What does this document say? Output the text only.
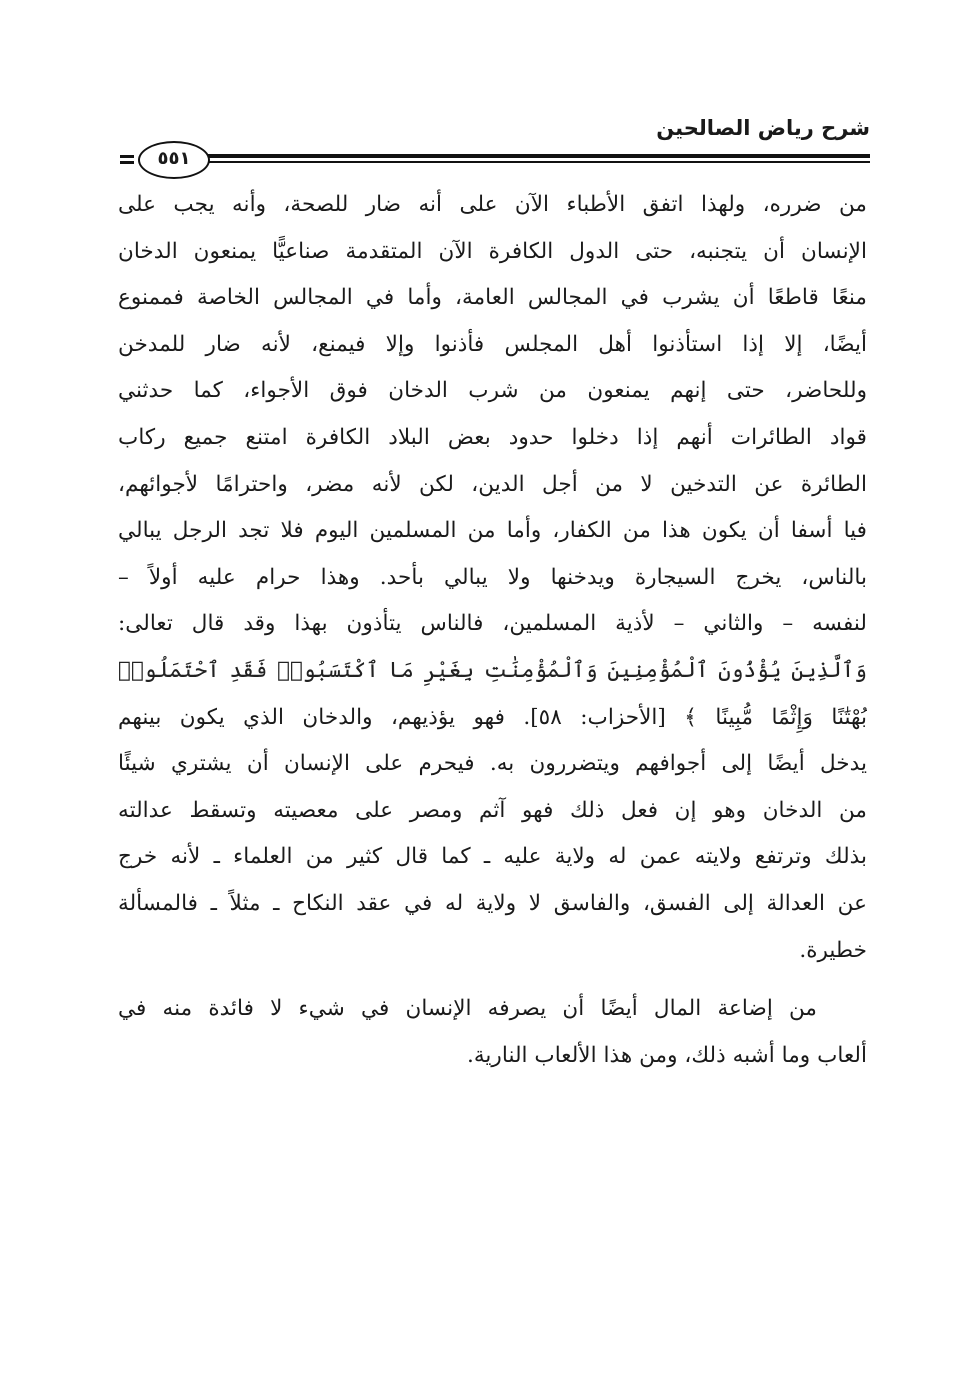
شرح رياض الصالحين
٥٥١
من ضرره، ولهذا اتفق الأطباء الآن على أنه ضار للصحة، وأنه يجب على
الإنسان أن يتجنبه، حتى الدول الكافرة الآن المتقدمة صناعيًّا يمنعون الدخان
منعًا قاطعًا أن يشرب في المجالس العامة، وأما في المجالس الخاصة فممنوع
أيضًا، إلا إذا استأذنوا أهل المجلس فأذنوا وإلا فيمنع، لأنه ضار للمدخن
وللحاضر، حتى إنهم يمنعون من شرب الدخان فوق الأجواء، كما حدثني
قواد الطائرات أنهم إذا دخلوا حدود بعض البلاد الكافرة امتنع جميع ركاب
الطائرة عن التدخين لا من أجل الدين، لكن لأنه مضر، واحترامًا لأجوائهم،
فيا أسفا أن يكون هذا من الكفار، وأما من المسلمين اليوم فلا تجد الرجل يبالي
بالناس، يخرج السيجارة ويدخنها ولا يبالي بأحد. وهذا حرام عليه أولاً –
لنفسه – والثاني – لأذية المسلمين، فالناس يتأذون بهذا وقد قال تعالى:
وَٱلَّذِينَ يُؤْذُونَ ٱلْمُؤْمِنِينَ وَٱلْمُؤْمِنَٰتِ بِغَيْرِ مَا ٱكْتَسَبُوا۟ فَقَدِ ٱحْتَمَلُوا۟
بُهْتَٰنًا وَإِثْمًا مُّبِينًا ﴾ [الأحزاب: ٥٨]. فهو يؤذيهم، والدخان الذي يكون بينهم
يدخل أيضًا إلى أجوافهم ويتضررون به. فيحرم على الإنسان أن يشتري شيئًا
من الدخان وهو إن فعل ذلك فهو آثم ومصر على معصيته وتسقط عدالته
بذلك وترتفع ولايته عمن له ولاية عليه ـ كما قال كثير من العلماء ـ لأنه خرج
عن العدالة إلى الفسق، والفاسق لا ولاية له في عقد النكاح ـ مثلاً ـ فالمسألة
خطيرة.
من إضاعة المال أيضًا أن يصرفه الإنسان في شيء لا فائدة منه في
ألعاب وما أشبه ذلك، ومن هذا الألعاب النارية.
